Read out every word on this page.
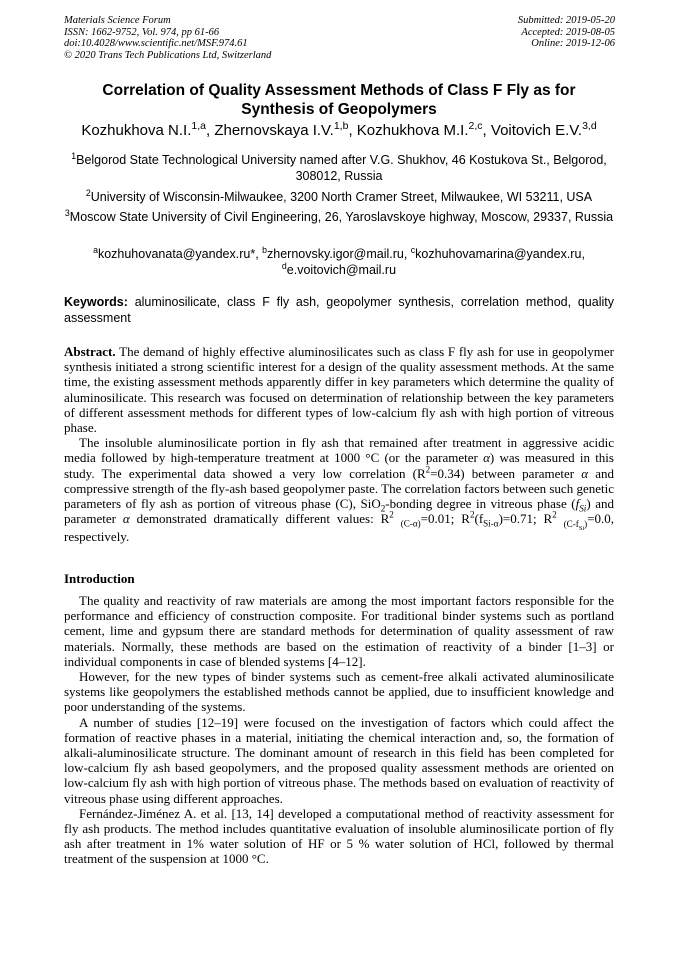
Materials Science Forum
ISSN: 1662-9752, Vol. 974, pp 61-66
doi:10.4028/www.scientific.net/MSF.974.61
© 2020 Trans Tech Publications Ltd, Switzerland
Submitted: 2019-05-20
Accepted: 2019-08-05
Online: 2019-12-06
Correlation of Quality Assessment Methods of Class F Fly as for Synthesis of Geopolymers
Kozhukhova N.I.$^{1,a}$, Zhernovskaya I.V.$^{1,b}$, Kozhukhova M.I.$^{2,c}$, Voitovich E.V.$^{3,d}$
$^1$Belgorod State Technological University named after V.G. Shukhov, 46 Kostukova St., Belgorod, 308012, Russia
$^2$University of Wisconsin-Milwaukee, 3200 North Cramer Street, Milwaukee, WI 53211, USA
$^3$Moscow State University of Civil Engineering, 26, Yaroslavskoye highway, Moscow, 29337, Russia
$^a$kozhuhovanata@yandex.ru*, $^b$zhernovsky.igor@mail.ru, $^c$kozhuhovamarina@yandex.ru,
$^d$e.voitovich@mail.ru
Keywords: aluminosilicate, class F fly ash, geopolymer synthesis, correlation method, quality assessment

Abstract. The demand of highly effective aluminosilicates such as class F fly ash for use in geopolymer synthesis initiated a strong scientific interest for a design of the quality assessment methods. At the same time, the existing assessment methods apparently differ in key parameters which determine the quality of aluminosilicate. This research was focused on determination of relationship between the key parameters of different assessment methods for different types of low-calcium fly ash with high portion of vitreous phase.

The insoluble aluminosilicate portion in fly ash that remained after treatment in aggressive acidic media followed by high-temperature treatment at 1000 °C (or the parameter α) was measured in this study. The experimental data showed a very low correlation $(R^2=0.34)$ between parameter α and compressive strength of the fly-ash based geopolymer paste. The correlation factors between such genetic parameters of fly ash as portion of vitreous phase (C), SiO$_2$-bonding degree in vitreous phase $(f_{Si})$ and parameter α demonstrated dramatically different values: $R^2$ $_{(C-\alpha)}$=0.01; $R^2(f_{Si-\alpha})=0.71$; $R^2$ $_{(C-f_{Si})}$=0.0, respectively.

Introduction

The quality and reactivity of raw materials are among the most important factors responsible for the performance and efficiency of construction composite. For traditional binder systems such as portland cement, lime and gypsum there are standard methods for determination of quality assessment of raw materials. Normally, these methods are based on the estimation of reactivity of a binder [1–3] or individual components in case of blended systems [4–12].

However, for the new types of binder systems such as cement-free alkali activated aluminosilicate systems like geopolymers the established methods cannot be applied, due to insufficient knowledge and poor understanding of the systems.

A number of studies [12–19] were focused on the investigation of factors which could affect the formation of reactive phases in a material, initiating the chemical interaction and, so, the formation of alkali-aluminosilicate structure. The dominant amount of research in this field has been completed for low-calcium fly ash based geopolymers, and the proposed quality assessment methods are oriented on low-calcium fly ash with high portion of vitreous phase. The methods based on evaluation of reactivity of vitreous phase using different approaches.

Fernández-Jiménez A. et al. [13, 14] developed a computational method of reactivity assessment for fly ash products. The method includes quantitative evaluation of insoluble aluminosilicate portion of fly ash after treatment in 1% water solution of HF or 5 % water solution of HCl, followed by thermal treatment of the suspension at 1000 °C.
